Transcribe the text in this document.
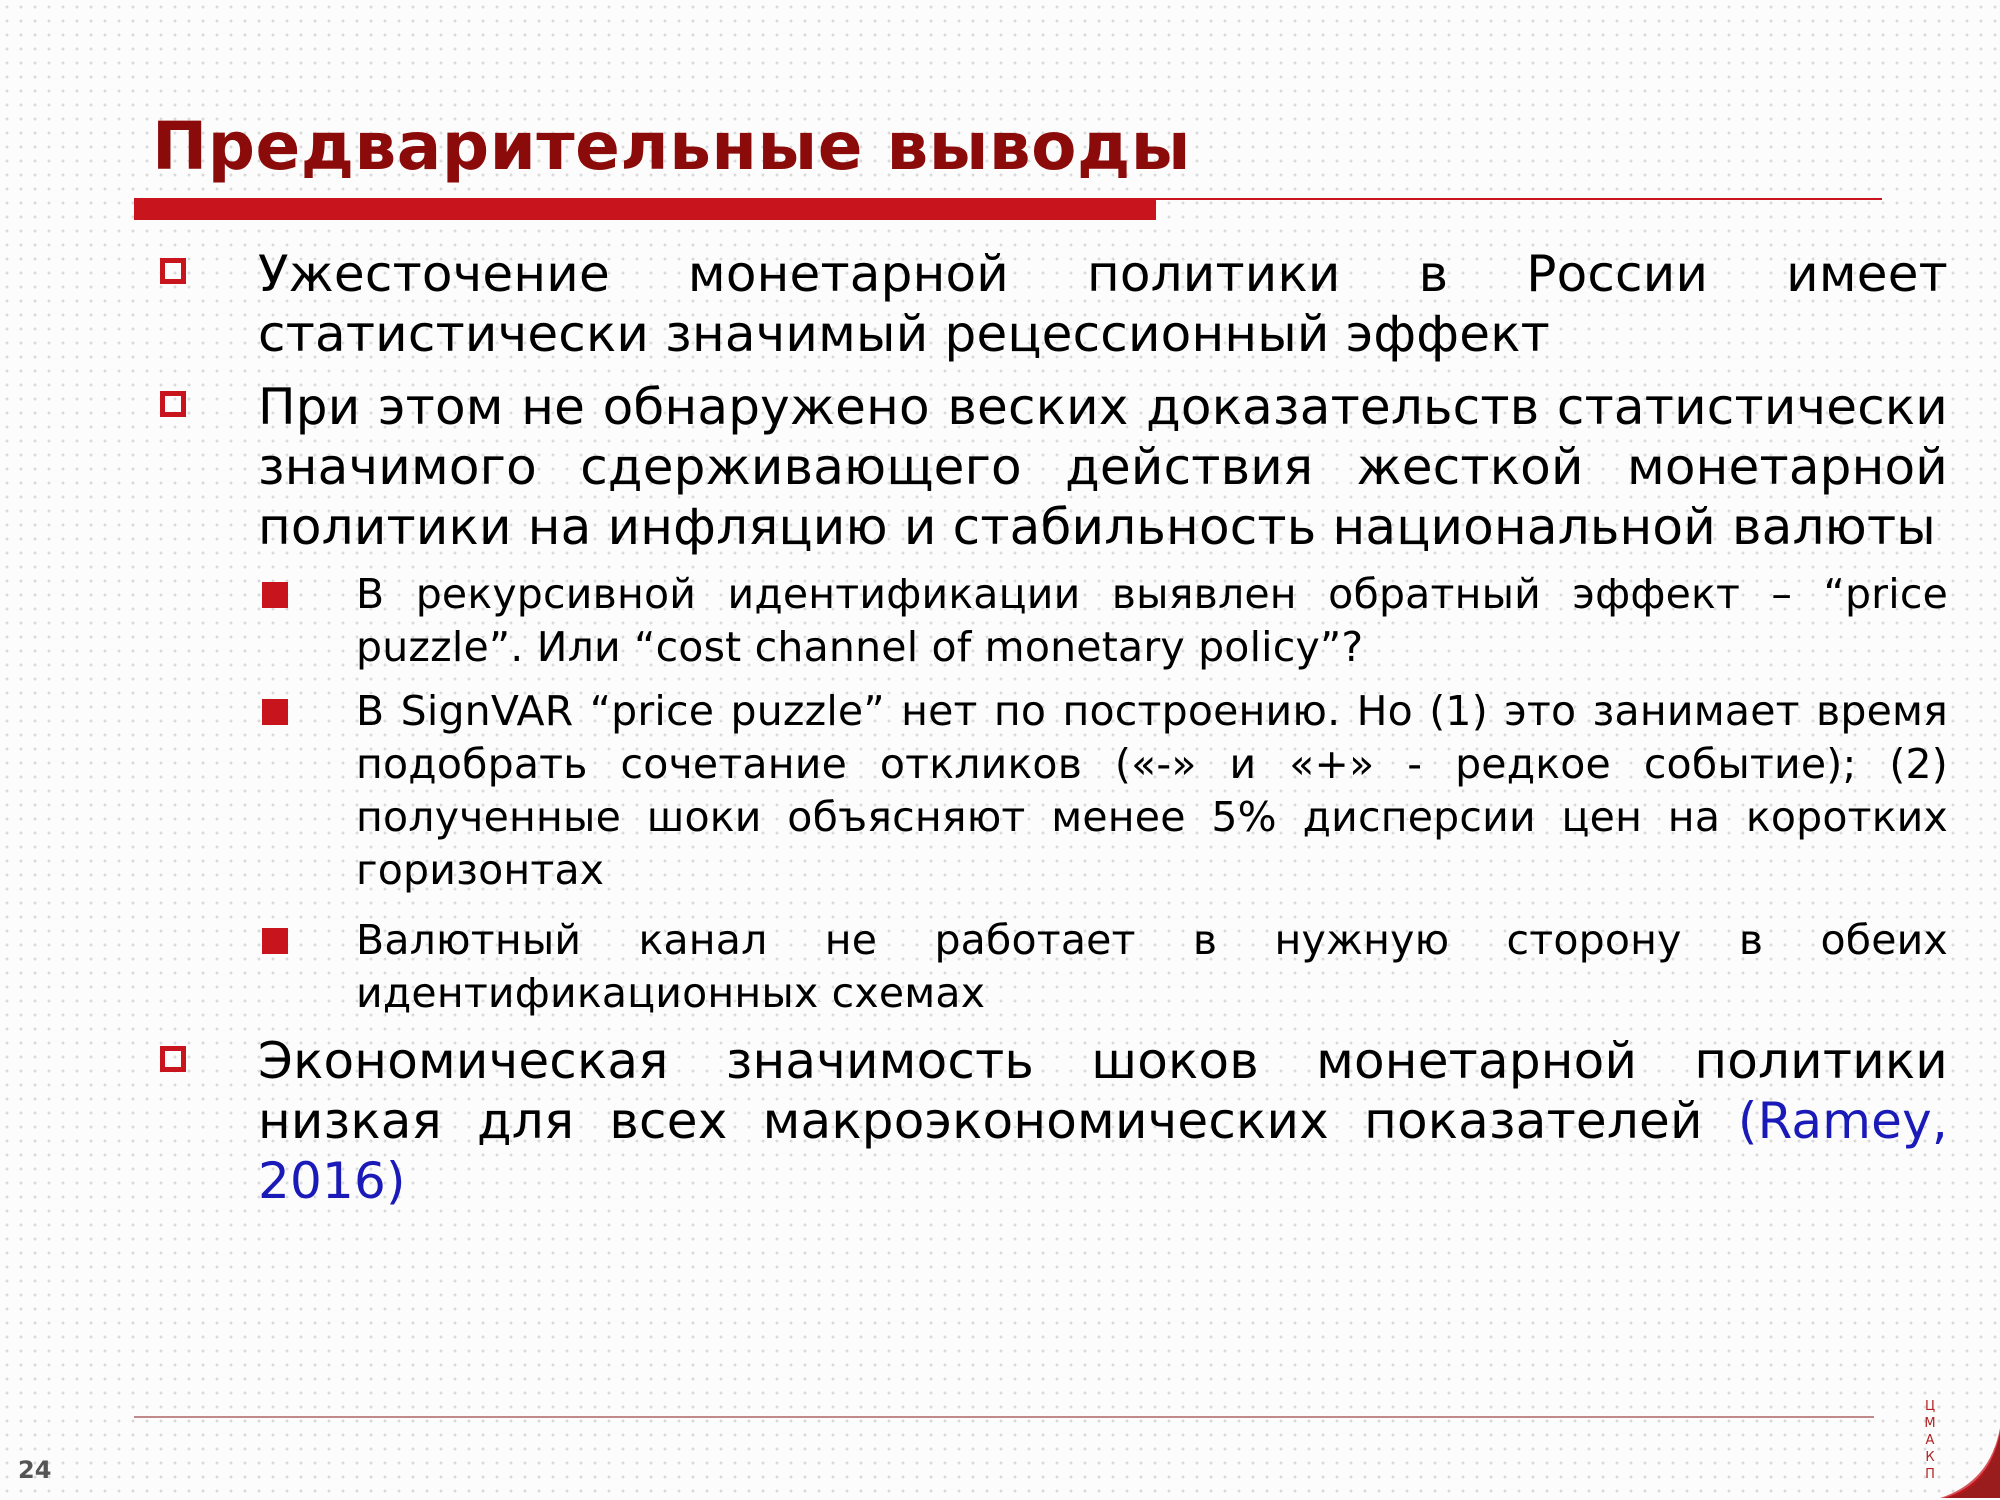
Предварительные выводы
Ужесточение монетарной политики в России имеет статистически значимый рецессионный эффект
При этом не обнаружено веских доказательств статистически значимого сдерживающего действия жесткой монетарной политики на инфляцию и стабильность национальной валюты
В рекурсивной идентификации выявлен обратный эффект – “price puzzle”. Или “cost channel of monetary policy”?
В SignVAR “price puzzle” нет по построению. Но (1) это занимает время подобрать сочетание откликов («-» и «+» - редкое событие); (2) полученные шоки объясняют менее 5% дисперсии цен на коротких горизонтах
Валютный канал не работает в нужную сторону в обеих идентификационных схемах
Экономическая значимость шоков монетарной политики низкая для всех макроэкономических показателей (Ramey, 2016)
24
Ц
М
А
К
П
